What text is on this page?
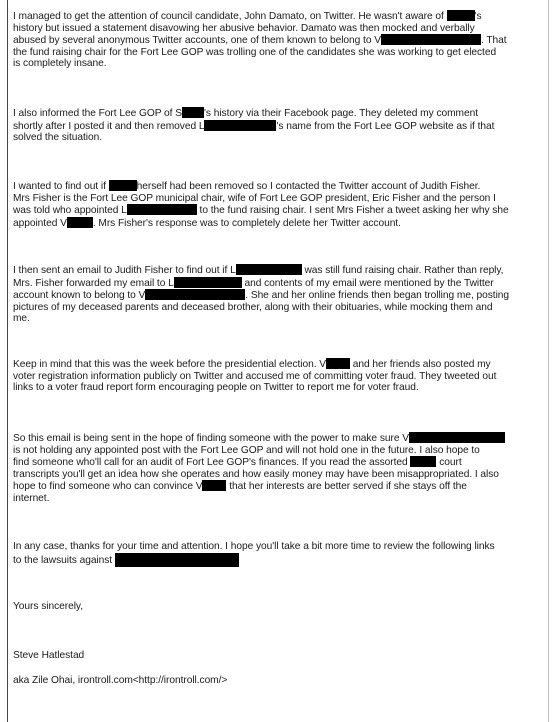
I managed to get the attention of council candidate, John Damato, on Twitter. He wasn't aware of	's
history but issued a statement disavowing her abusive behavior. Damato was then mocked and verbally
abused by several anonymous Twitter accounts, one of them known to belong to V	. That
the fund raising chair for the Fort Lee GOP was trolling one of the candidates she was working to get elected
is completely insane.
I also informed the Fort Lee GOP of S 's history via their Facebook page. They deleted my comment
shortly after I posted it and then removed L	's name from the Fort Lee GOP website as if that
solved the situation.
I wanted to find out if	herself had been removed so I contacted the Twitter account of Judith Fisher.
Mrs Fisher is the Fort Lee GOP municipal chair, wife of Fort Lee GOP president, Eric Fisher and the person I
was told who appointed L	to the fund raising chair. I sent Mrs Fisher a tweet asking her why she
appointed V	. Mrs Fisher's response was to completely delete her Twitter account.
I then sent an email to Judith Fisher to find out if L	was still fund raising chair. Rather than reply,
Mrs. Fisher forwarded my email to L	and contents of my email were mentioned by the Twitter
account known to belong to V	. She and her online friends then began trolling me, posting
pictures of my deceased parents and deceased brother, along with their obituaries, while mocking them and
me.
Keep in mind that this was the week before the presidential election. V and her friends also posted my
voter registration information publicly on Twitter and accused me of committing voter fraud. They tweeted out
links to a voter fraud report form encouraging people on Twitter to report me for voter fraud.
So this email is being sent in the hope of finding someone with the power to make sure V
is not holding any appointed post with the Fort Lee GOP and will not hold one in the future. I also hope to
find someone who'll call for an audit of Fort Lee GOP's finances. If you read the assorted	court
transcripts you'll get an idea how she operates and how easily money may have been misappropriated. I also
hope to find someone who can convince V that her interests are better served if she stays off the
internet.
In any case, thanks for your time and attention. I hope you'll take a bit more time to review the following links
to the lawsuits against
Yours sincerely,
Steve Hatlestad
aka Zile Ohai, irontroll.com<http://irontroll.com/>
